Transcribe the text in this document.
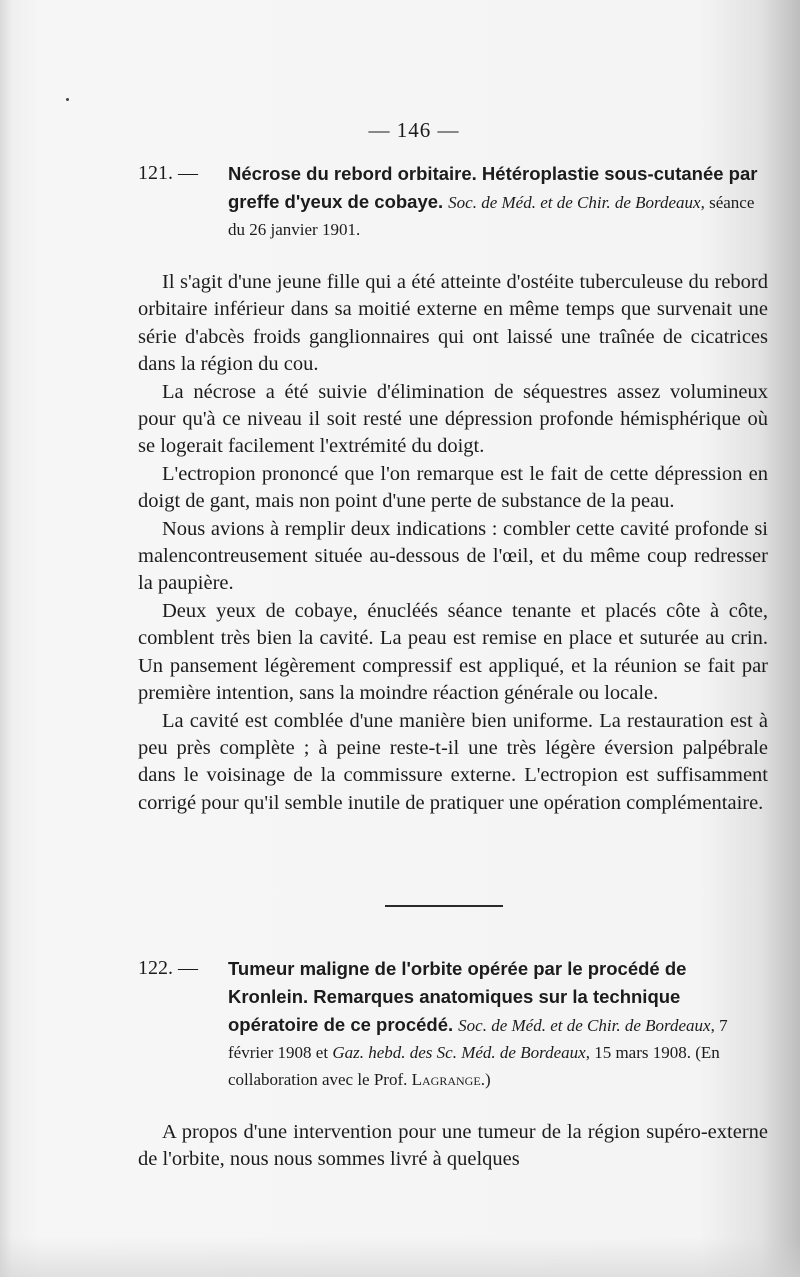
— 146 —
121. —	Nécrose du rebord orbitaire. Hétéroplastie sous-cutanée par greffe d'yeux de cobaye. Soc. de Méd. et de Chir. de Bordeaux, séance du 26 janvier 1901.

Il s'agit d'une jeune fille qui a été atteinte d'ostéite tuberculeuse du rebord orbitaire inférieur dans sa moitié externe en même temps que survenait une série d'abcès froids ganglionnaires qui ont laissé une traînée de cicatrices dans la région du cou.

La nécrose a été suivie d'élimination de séquestres assez volumineux pour qu'à ce niveau il soit resté une dépression profonde hémisphérique où se logerait facilement l'extrémité du doigt.

L'ectropion prononcé que l'on remarque est le fait de cette dépression en doigt de gant, mais non point d'une perte de substance de la peau.

Nous avions à remplir deux indications : combler cette cavité profonde si malencontreusement située au-dessous de l'œil, et du même coup redresser la paupière.

Deux yeux de cobaye, énucléés séance tenante et placés côte à côte, comblent très bien la cavité. La peau est remise en place et suturée au crin. Un pansement légèrement compressif est appliqué, et la réunion se fait par première intention, sans la moindre réaction générale ou locale.

La cavité est comblée d'une manière bien uniforme. La restauration est à peu près complète ; à peine reste-t-il une très légère éversion palpébrale dans le voisinage de la commissure externe. L'ectropion est suffisamment corrigé pour qu'il semble inutile de pratiquer une opération complémentaire.

122. —	Tumeur maligne de l'orbite opérée par le procédé de Kronlein. Remarques anatomiques sur la technique opératoire de ce procédé. Soc. de Méd. et de Chir. de Bordeaux, 7 février 1908 et Gaz. hebd. des Sc. Méd. de Bordeaux, 15 mars 1908. (En collaboration avec le Prof. Lagrange.)

A propos d'une intervention pour une tumeur de la région supéro-externe de l'orbite, nous nous sommes livré à quelques
